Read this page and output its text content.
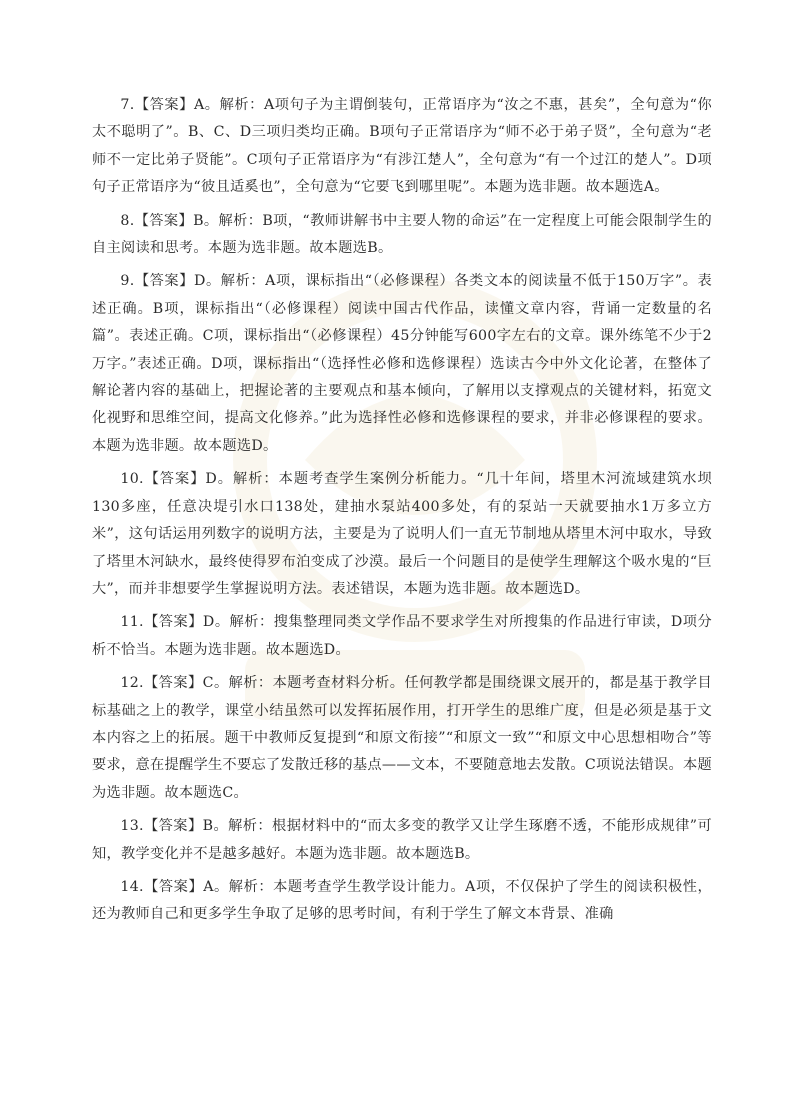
7.【答案】A。解析：A项句子为主谓倒装句，正常语序为“汝之不惠，甚矣”，全句意为“你太不聪明了”。B、C、D三项归类均正确。B项句子正常语序为“师不必于弟子贤”，全句意为“老师不一定比弟子贤能”。C项句子正常语序为“有涉江楚人”，全句意为“有一个过江的楚人”。D项句子正常语序为“彼且适奚也”，全句意为“它要飞到哪里呢”。本题为选非题。故本题选A。

8.【答案】B。解析：B项，“教师讲解书中主要人物的命运”在一定程度上可能会限制学生的自主阅读和思考。本题为选非题。故本题选B。

9.【答案】D。解析：A项，课标指出“（必修课程）各类文本的阅读量不低于150万字”。表述正确。B项，课标指出“（必修课程）阅读中国古代作品，读懂文章内容，背诵一定数量的名篇”。表述正确。C项，课标指出“（必修课程）45分钟能写600字左右的文章。课外练笔不少于2万字。”表述正确。D项，课标指出“（选择性必修和选修课程）选读古今中外文化论著，在整体了解论著内容的基础上，把握论著的主要观点和基本倾向，了解用以支撑观点的关键材料，拓宽文化视野和思维空间，提高文化修养。”此为选择性必修和选修课程的要求，并非必修课程的要求。本题为选非题。故本题选D。

10.【答案】D。解析：本题考查学生案例分析能力。“几十年间，塔里木河流域建筑水坝130多座，任意决堤引水口138处，建抽水泵站400多处，有的泵站一天就要抽水1万多立方米”，这句话运用列数字的说明方法，主要是为了说明人们一直无节制地从塔里木河中取水，导致了塔里木河缺水，最终使得罗布泊变成了沙漠。最后一个问题目的是使学生理解这个吸水鬼的“巨大”，而并非想要学生掌握说明方法。表述错误，本题为选非题。故本题选D。

11.【答案】D。解析：搜集整理同类文学作品不要求学生对所搜集的作品进行审读，D项分析不恰当。本题为选非题。故本题选D。

12.【答案】C。解析：本题考查材料分析。任何教学都是围绕课文展开的，都是基于教学目标基础之上的教学，课堂小结虽然可以发挥拓展作用，打开学生的思维广度，但是必须是基于文本内容之上的拓展。题干中教师反复提到“和原文衔接”“和原文一致”“和原文中心思想相吻合”等要求，意在提醒学生不要忘了发散迁移的基点——文本，不要随意地去发散。C项说法错误。本题为选非题。故本题选C。

13.【答案】B。解析：根据材料中的“而太多变的教学又让学生琢磨不透，不能形成规律”可知，教学变化并不是越多越好。本题为选非题。故本题选B。

14.【答案】A。解析：本题考查学生教学设计能力。A项，不仅保护了学生的阅读积极性，还为教师自己和更多学生争取了足够的思考时间，有利于学生了解文本背景、准确
